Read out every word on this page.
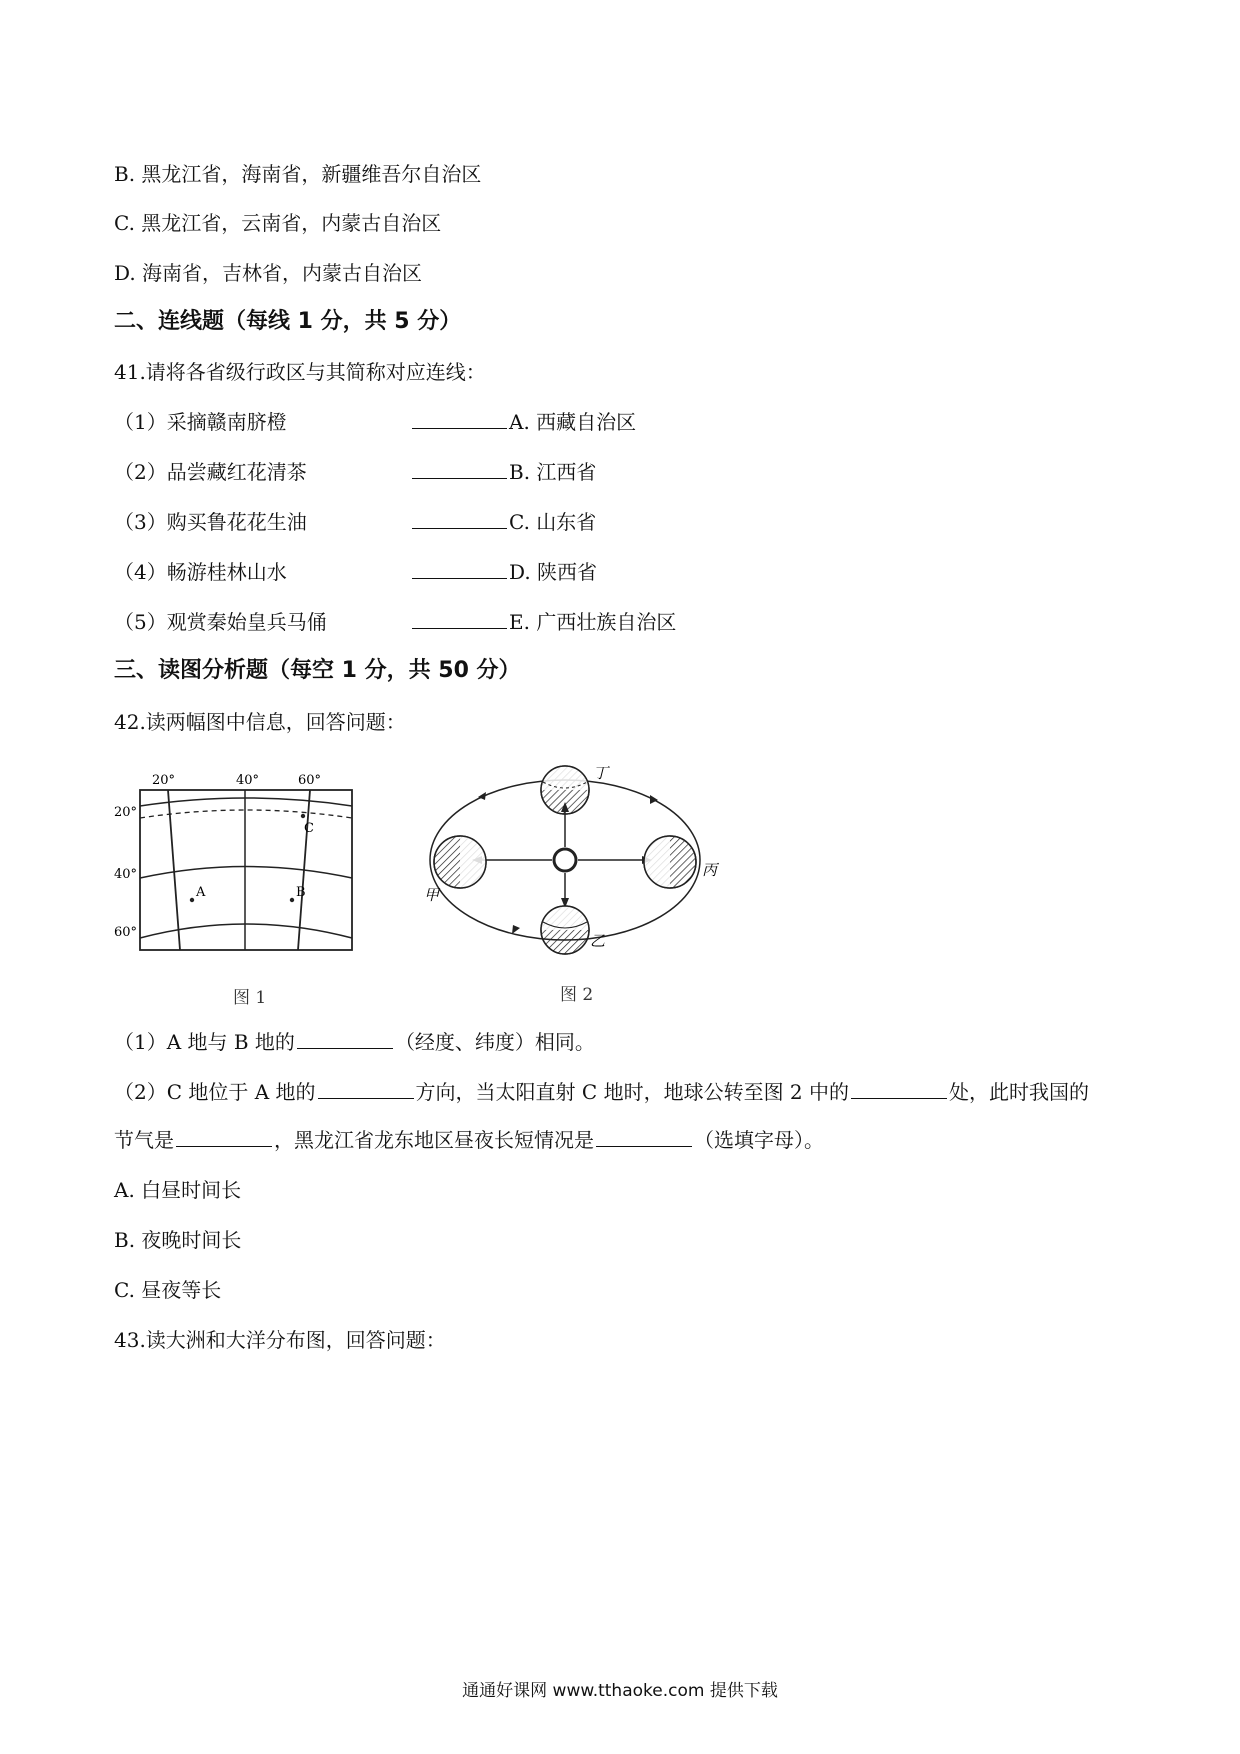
B. 黑龙江省，海南省，新疆维吾尔自治区
C. 黑龙江省，云南省，内蒙古自治区
D. 海南省，吉林省，内蒙古自治区
二、连线题（每线 1 分，共 5 分）
41.请将各省级行政区与其简称对应连线：
（1）采摘赣南脐橙	A. 西藏自治区
（2）品尝藏红花清茶	B. 江西省
（3）购买鲁花花生油	C. 山东省
（4）畅游桂林山水	D. 陕西省
（5）观赏秦始皇兵马俑	E. 广西壮族自治区
三、读图分析题（每空 1 分，共 50 分）
42.读两幅图中信息，回答问题：
20°	40°	60°
20°
40°
60°
A	B
C
图 1
丁
丙
乙
甲
图 2
（1）A 地与 B 地的	（经度、纬度）相同。
（2）C 地位于 A 地的	方向，当太阳直射 C 地时，地球公转至图 2 中的	处，此时我国的
节气是	，黑龙江省龙东地区昼夜长短情况是	（选填字母）。
A. 白昼时间长
B. 夜晚时间长
C. 昼夜等长
43.读大洲和大洋分布图，回答问题：
通通好课网 www.tthaoke.com 提供下载
